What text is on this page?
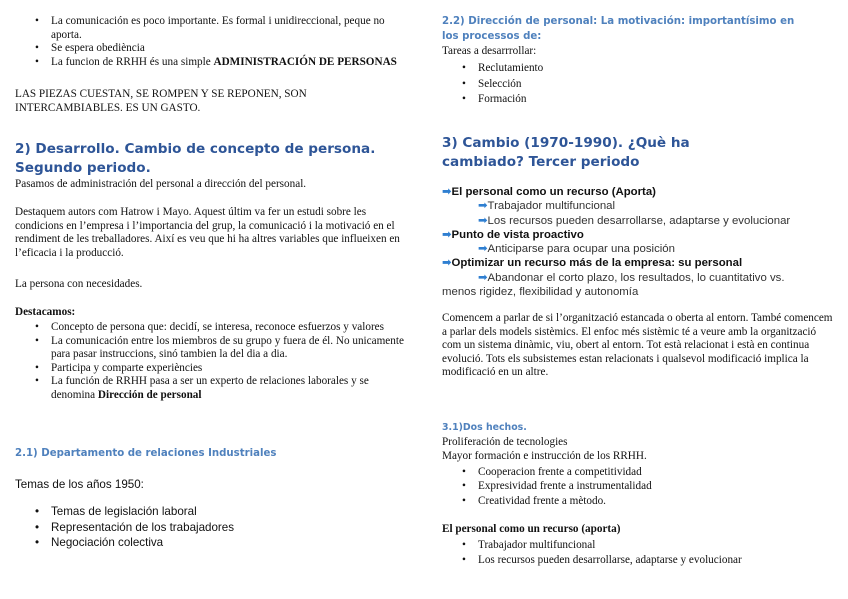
• La comunicación es poco importante. Es formal i unidireccional, peque no aporta.
• Se espera obediència
• La funcion de RRHH és una simple ADMINISTRACIÓN DE PERSONAS

LAS PIEZAS CUESTAN, SE ROMPEN Y SE REPONEN, SON INTERCAMBIABLES. ES UN GASTO.

2) Desarrollo. Cambio de concepto de persona. Segundo periodo.

Pasamos de administración del personal a dirección del personal.

Destaquem autors com Hatrow i Mayo. Aquest últim va fer un estudi sobre les condicions en l’empresa i l’importancia del grup, la comunicació i la motivació en el rendiment de les treballadores. Així es veu que hi ha altres variables que influeixen en l’eficacia i la producció.

La persona con necesidades.

Destacamos:

• Concepto de persona que: decidí, se interesa, reconoce esfuerzos y valores
• La comunicación entre los miembros de su grupo y fuera de él. No unicamente para pasar instruccions, sinó tambien la del dia a dia.
• Participa y comparte experiències
• La función de RRHH pasa a ser un experto de relaciones laborales y se denomina Dirección de personal
2.1) Departamento de relaciones Industriales

Temas de los años 1950:

• Temas de legislación laboral
• Representación de los trabajadores
• Negociación colectiva
2.2) Dirección de personal: La motivación: importantísimo en los processos de:

Tareas a desarrrollar:

• Reclutamiento
• Selección
• Formación
3) Cambio (1970-1990). ¿Què ha cambiado? Tercer periodo
➡El personal como un recurso (Aporta)
➡Trabajador multifuncional
➡Los recursos pueden desarrollarse, adaptarse y evolucionar
➡Punto de vista proactivo
➡Anticiparse para ocupar una posición
➡Optimizar un recurso más de la empresa: su personal
➡Abandonar el corto plazo, los resultados, lo cuantitativo vs.
menos rigidez, flexibilidad y autonomía

Comencem a parlar de si l’organització estancada o oberta al entorn. També comencem a parlar dels models sistèmics. El enfoc més sistèmic té a veure amb la organització com un sistema dinàmic, viu, obert al entorn. Tot està relacionat i està en continua evolució. Tots els subsistemes estan relacionats i qualsevol modificació implica la modificació en un altre.

3.1)Dos hechos.

Proliferación de tecnologies

Mayor formación e instrucción de los RRHH.

• Cooperacion frente a competitividad
• Expresividad frente a instrumentalidad
• Creatividad frente a mètodo.

El personal como un recurso (aporta)

• Trabajador multifuncional
• Los recursos pueden desarrollarse, adaptarse y evolucionar
